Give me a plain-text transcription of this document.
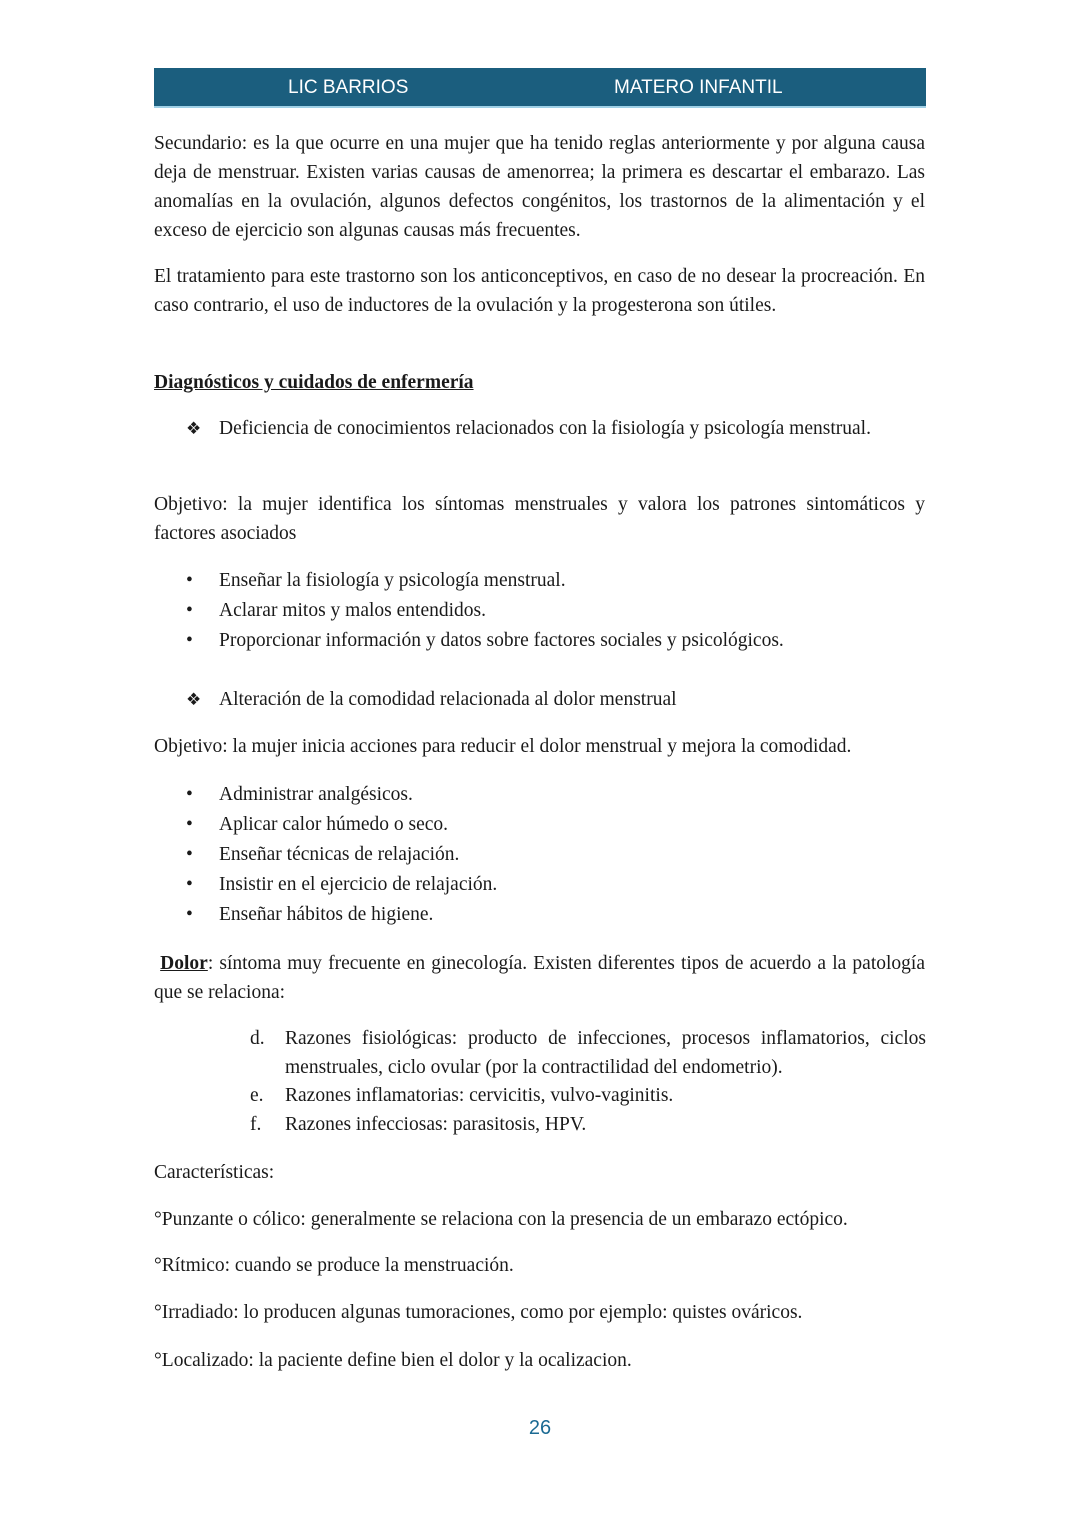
LIC BARRIOS	MATERO INFANTIL
Secundario: es la que ocurre en una mujer que ha tenido reglas anteriormente y por alguna causa deja de menstruar. Existen varias causas de amenorrea; la primera es descartar el embarazo. Las anomalías en la ovulación, algunos defectos congénitos, los trastornos de la alimentación y el exceso de ejercicio son algunas causas más frecuentes.
El tratamiento para este trastorno son los anticonceptivos, en caso de no desear la procreación. En caso contrario, el uso de inductores de la ovulación y la progesterona son útiles.
Diagnósticos y cuidados de enfermería
❖ Deficiencia de conocimientos relacionados con la fisiología y psicología menstrual.
Objetivo: la mujer identifica los síntomas menstruales y valora los patrones sintomáticos y factores asociados
• Enseñar la fisiología y psicología menstrual.
• Aclarar mitos y malos entendidos.
• Proporcionar información y datos sobre factores sociales y psicológicos.
❖ Alteración de la comodidad relacionada al dolor menstrual
Objetivo: la mujer inicia acciones para reducir el dolor menstrual y mejora la comodidad.
• Administrar analgésicos.
• Aplicar calor húmedo o seco.
• Enseñar técnicas de relajación.
• Insistir en el ejercicio de relajación.
• Enseñar hábitos de higiene.
Dolor: síntoma muy frecuente en ginecología. Existen diferentes tipos de acuerdo a la patología que se relaciona:
d. Razones fisiológicas: producto de infecciones, procesos inflamatorios, ciclos menstruales, ciclo ovular (por la contractilidad del endometrio).
e. Razones inflamatorias: cervicitis, vulvo-vaginitis.
f. Razones infecciosas: parasitosis, HPV.
Características:
°Punzante o cólico: generalmente se relaciona con la presencia de un embarazo ectópico.
°Rítmico: cuando se produce la menstruación.
°Irradiado: lo producen algunas tumoraciones, como por ejemplo: quistes ováricos.
°Localizado: la paciente define bien el dolor y la ocalizacion.
26
